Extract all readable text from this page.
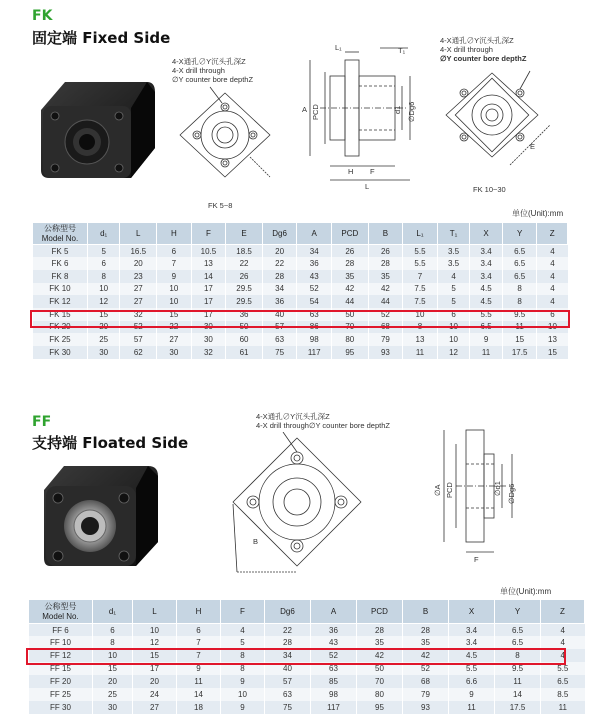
FK
固定端 Fixed Side
4-X通孔∅Y沉头孔深Z
4-X drill through
∅Y counter bore depthZ
FK 5~8
T₁
L₁
A PCD	d1 ∅Dg6
H F
L
4-X通孔∅Y沉头孔深Z
4-X drill through
∅Y counter bore depthZ
E
FK 10~30
单位(Unit):mm
公称型号
Model No.	d₁	L	H	F	E	Dg6	A	PCD	B	L₁	T₁	X	Y	Z
FK 5	5	16.5	6	10.5	18.5	20	34	26	26	5.5	3.5	3.4	6.5	4
FK 6	6	20	7	13	22	22	36	28	28	5.5	3.5	3.4	6.5	4
FK 8	8	23	9	14	26	28	43	35	35	7	4	3.4	6.5	4
FK 10	10	27	10	17	29.5	34	52	42	42	7.5	5	4.5	8	4
FK 12	12	27	10	17	29.5	36	54	44	44	7.5	5	4.5	8	4
FK 15	15	32	15	17	36	40	63	50	52	10	6	5.5	9.5	6
FK 20	20	52	22	30	50	57	86	70	68	8	10	6.5	11	10
FK 25	25	57	27	30	60	63	98	80	79	13	10	9	15	13
FK 30	30	62	30	32	61	75	117	95	93	11	12	11	17.5	15
FF
支持端 Floated Side
4-X通孔∅Y沉头孔深Z
4-X drill through∅Y counter bore depthZ
B
∅A PCD	∅d1 ∅Dg6
F
单位(Unit):mm
公称型号
Model No.	d₁	L	H	F	Dg6	A	PCD	B	X	Y	Z
FF 6	6	10	6	4	22	36	28	28	3.4	6.5	4
FF 10	8	12	7	5	28	43	35	35	3.4	6.5	4
FF 12	10	15	7	8	34	52	42	42	4.5	8	4
FF 15	15	17	9	8	40	63	50	52	5.5	9.5	5.5
FF 20	20	20	11	9	57	85	70	68	6.6	11	6.5
FF 25	25	24	14	10	63	98	80	79	9	14	8.5
FF 30	30	27	18	9	75	117	95	93	11	17.5	11
